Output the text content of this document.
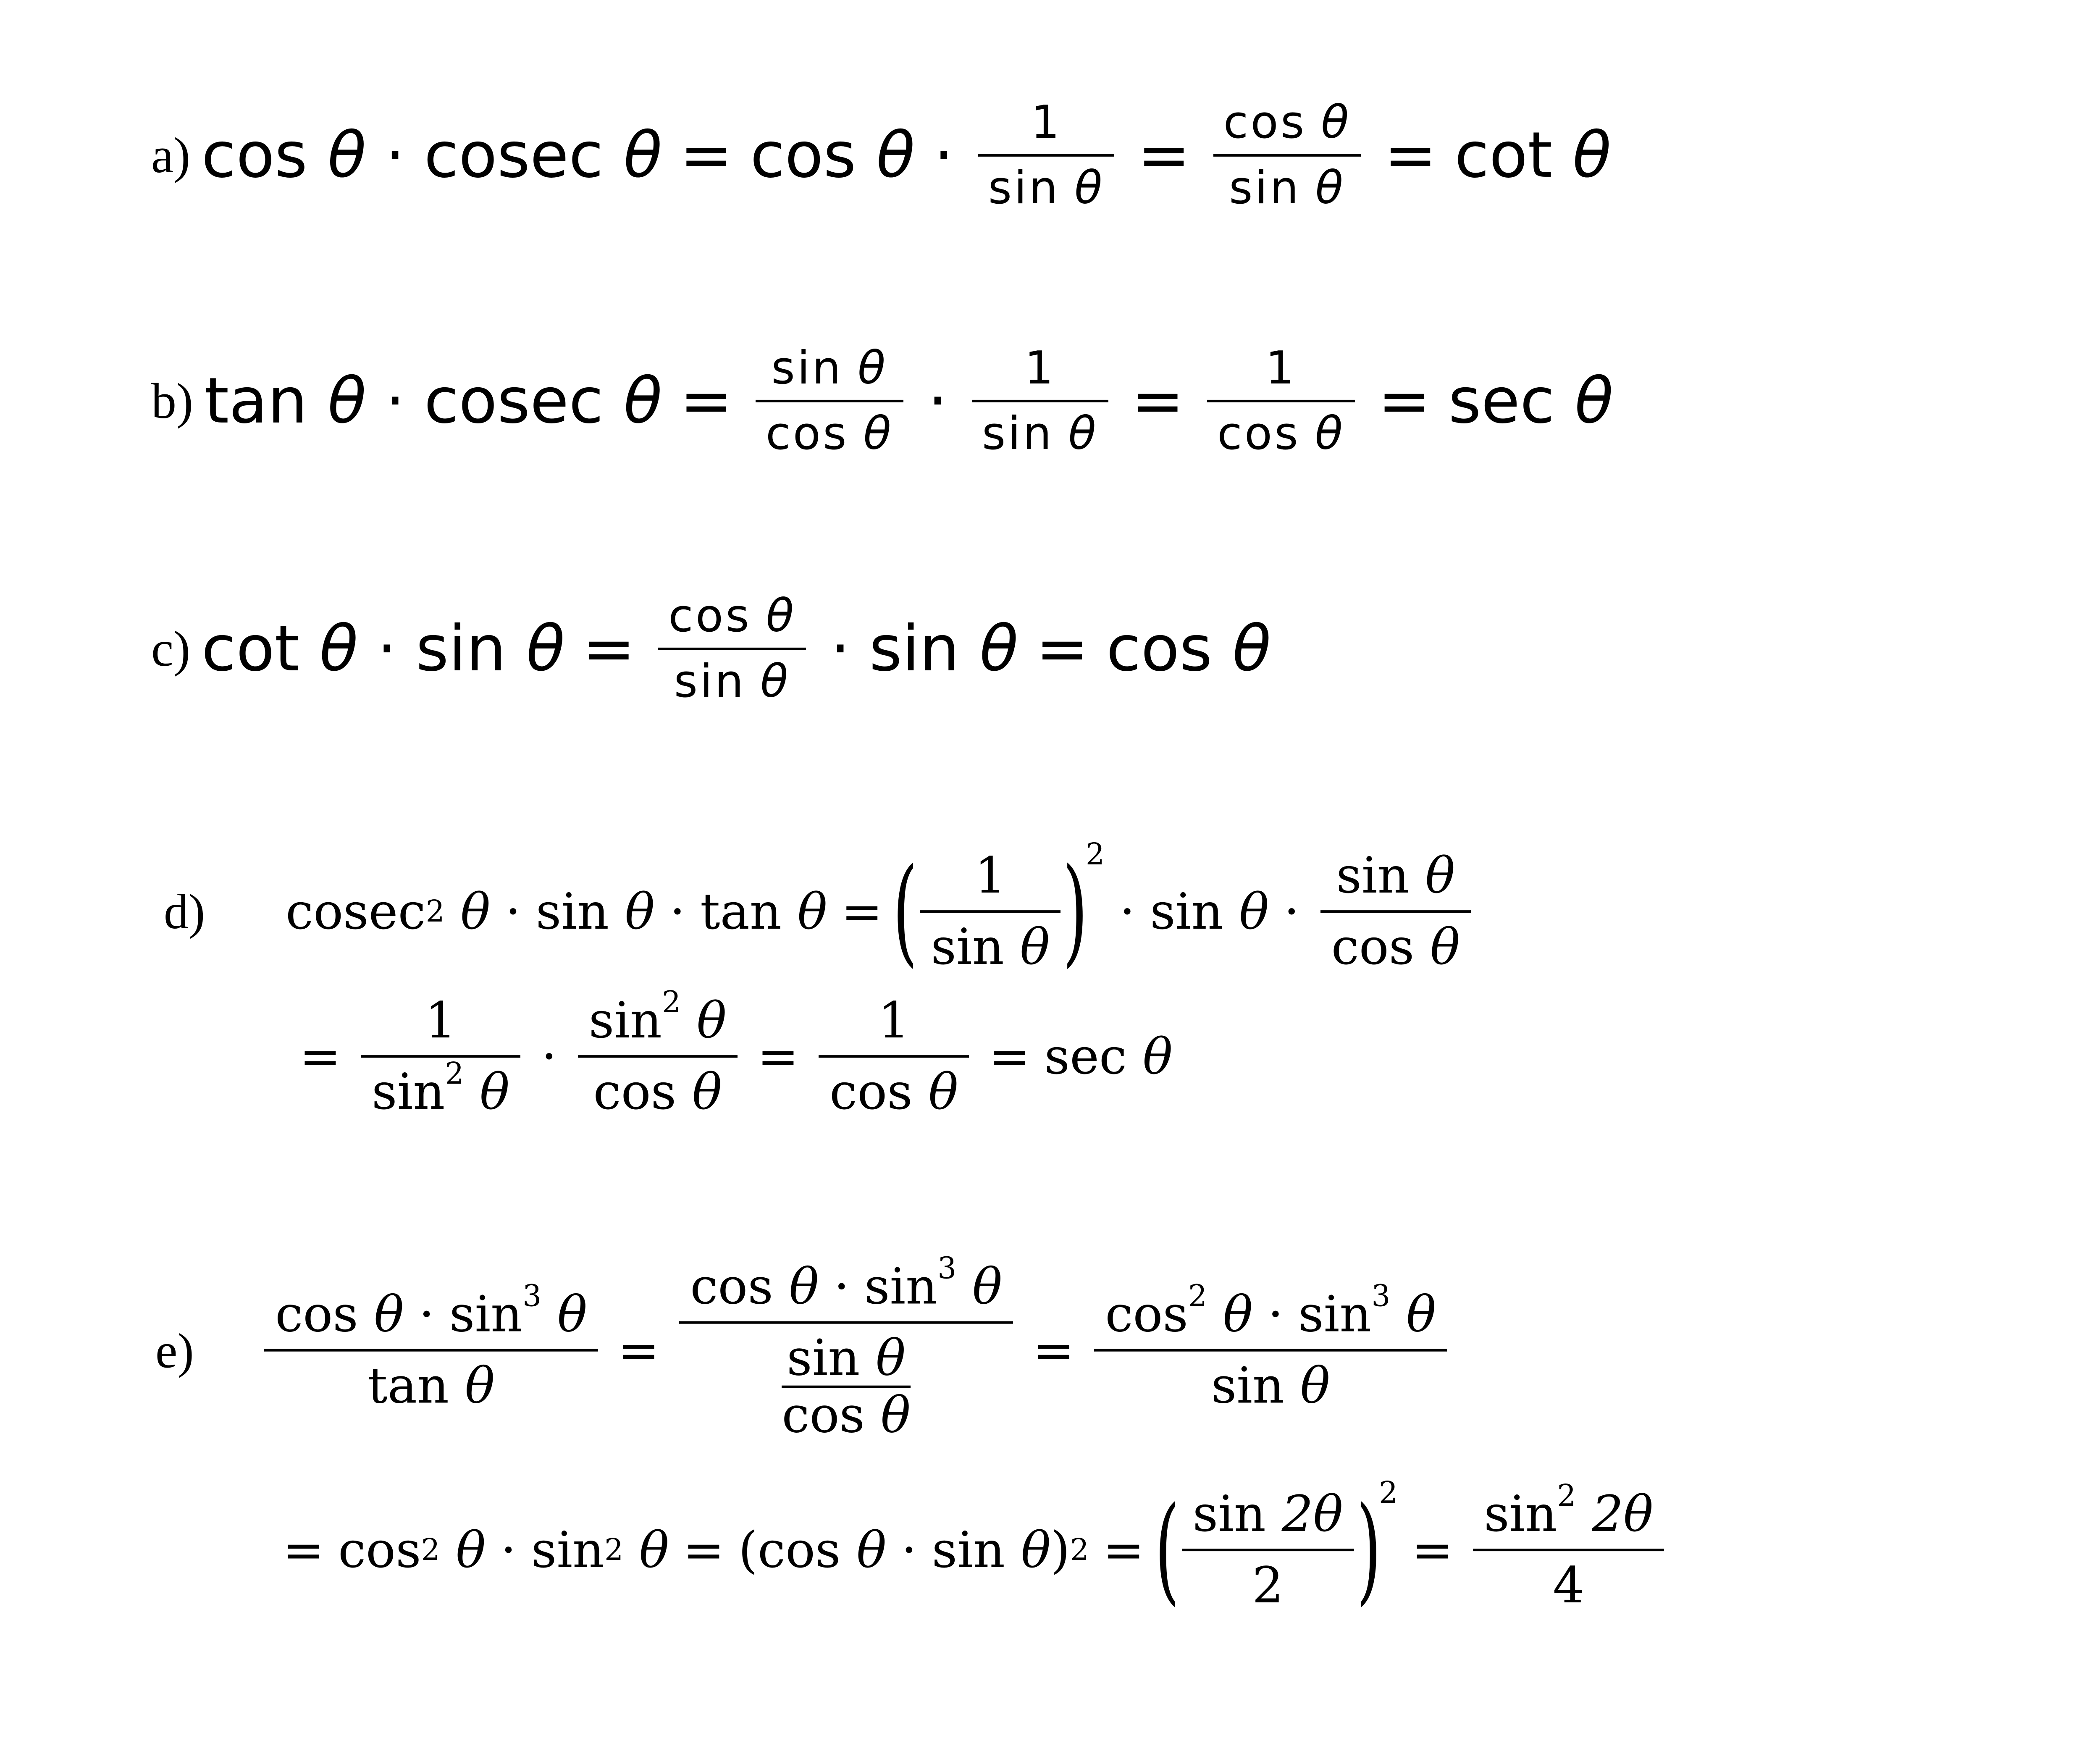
a) cos θ · cosec θ = cos θ · 1
sin θ = cos θ
sin θ = cot θ
b) tan θ · cosec θ = sin θ
cos θ · 1
sin θ = 1
cos θ = sec θ
c) cot θ · sin θ = cos θ
sin θ · sin θ = cos θ
d)	cosec 2 θ · sin θ · tan θ = ( 1
sin θ )
2
· sin θ ·
sin θ
cos θ
=
1
$\sin^2 \theta$
·
$\sin^2 \theta$
cos θ
=
1
cos θ
= sec θ
e)
$\cos \theta \cdot \sin^3 \theta$
tan θ
=
$\cos \theta \cdot \sin^3 \theta$
sin θ
cos θ
=
$\cos^2 \theta \cdot \sin^3 \theta$
sin θ
= cos 2 θ · sin 2 θ = ( cos θ · sin θ ) 2 = ( sin 2θ
2 )
2
=
$\sin^2 2\theta$
4
